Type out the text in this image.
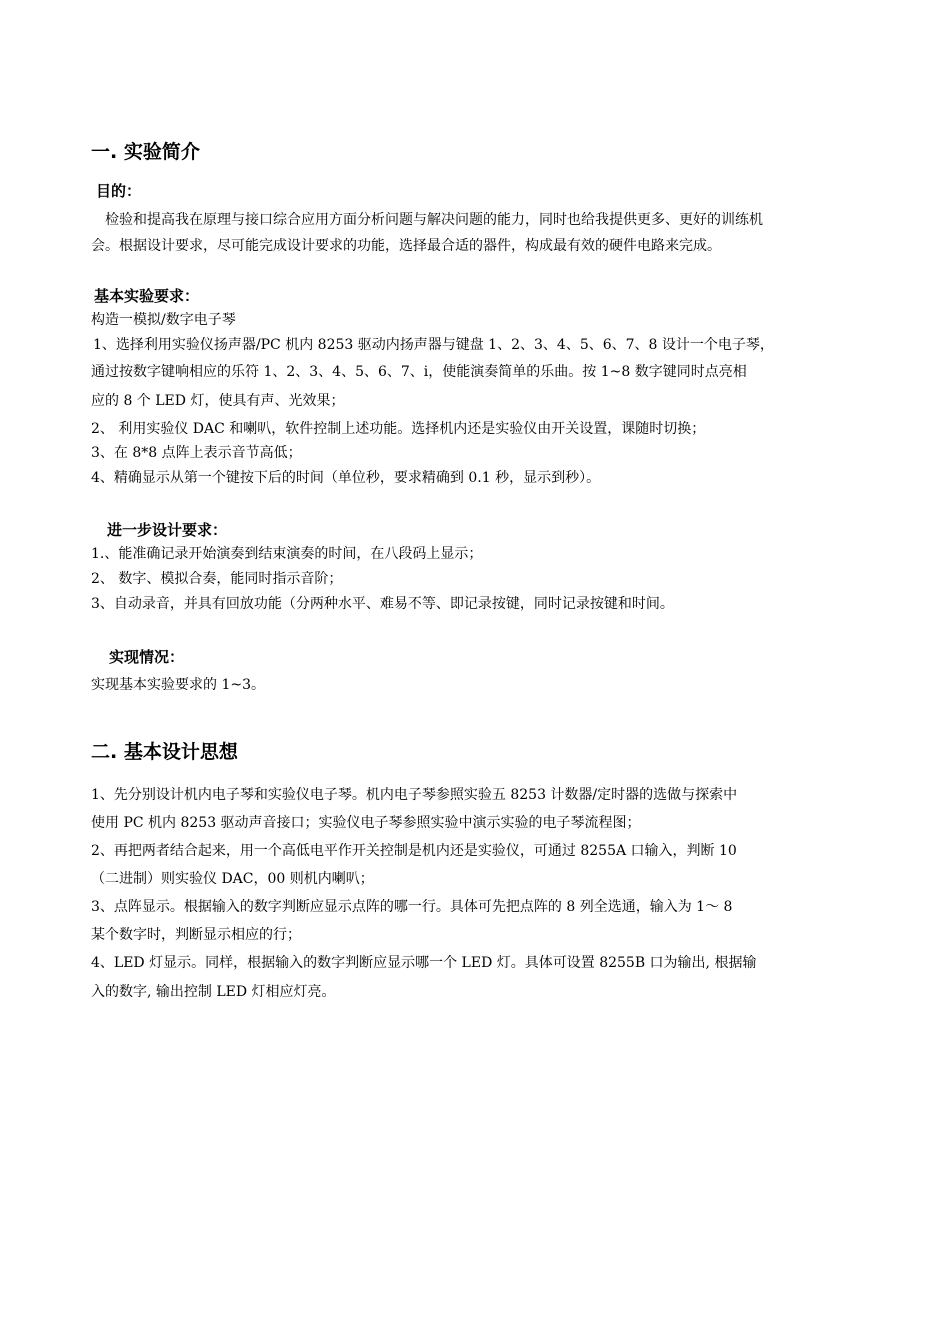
一. 实验简介
目的：
检验和提高我在原理与接口综合应用方面分析问题与解决问题的能力，同时也给我提供更多、更好的训练机
会。根据设计要求，尽可能完成设计要求的功能，选择最合适的器件，构成最有效的硬件电路来完成。
基本实验要求：
构造一模拟/数字电子琴
1、选择利用实验仪扬声器/PC 机内 8253 驱动内扬声器与键盘 1、2、3、4、5、6、7、8 设计一个电子琴，
通过按数字键响相应的乐符 1、2、3、4、5、6、7、i，使能演奏简单的乐曲。按 1~8 数字键同时点亮相
应的 8 个 LED 灯，使具有声、光效果；
2、 利用实验仪 DAC 和喇叭，软件控制上述功能。选择机内还是实验仪由开关设置，课随时切换；
3、在 8*8 点阵上表示音节高低；
4、精确显示从第一个键按下后的时间（单位秒，要求精确到 0.1 秒，显示到秒）。
进一步设计要求：
1.、能准确记录开始演奏到结束演奏的时间，在八段码上显示；
2、 数字、模拟合奏，能同时指示音阶；
3、自动录音，并具有回放功能（分两种水平、难易不等、即记录按键，同时记录按键和时间。
实现情况：
实现基本实验要求的 1~3。
二. 基本设计思想
1、先分别设计机内电子琴和实验仪电子琴。机内电子琴参照实验五 8253 计数器/定时器的选做与探索中
使用 PC 机内 8253 驱动声音接口；实验仪电子琴参照实验中演示实验的电子琴流程图；
2、再把两者结合起来，用一个高低电平作开关控制是机内还是实验仪，可通过 8255A 口输入，判断 10
（二进制）则实验仪 DAC，00 则机内喇叭；
3、点阵显示。根据输入的数字判断应显示点阵的哪一行。具体可先把点阵的 8 列全选通，输入为 1～ 8
某个数字时，判断显示相应的行；
4、LED 灯显示。同样，根据输入的数字判断应显示哪一个 LED 灯。具体可设置 8255B 口为输出, 根据输
入的数字, 输出控制 LED 灯相应灯亮。
